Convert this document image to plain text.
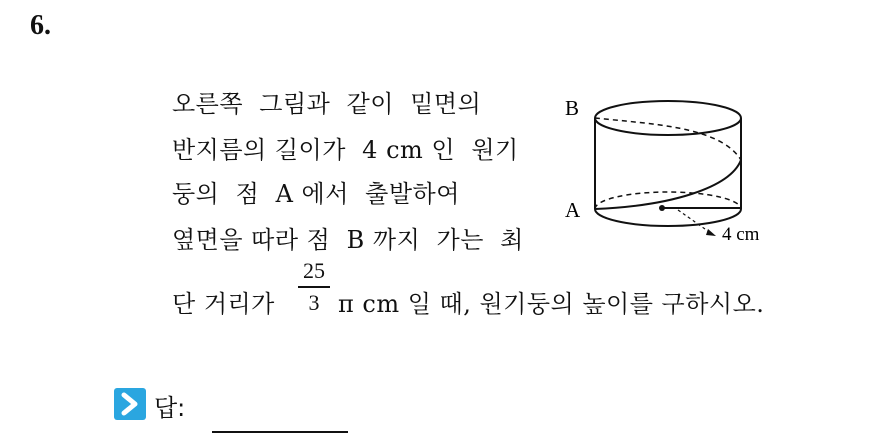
6.
오른쪽  그림과  같이  밑면의
반지름의 길이가  4 cm 인  원기
둥의  점  A 에서  출발하여
옆면을 따라 점  B 까지  가는  최
단 거리가
25
3 π cm 일 때, 원기둥의 높이를 구하시오.
B
A
4 cm
답:
